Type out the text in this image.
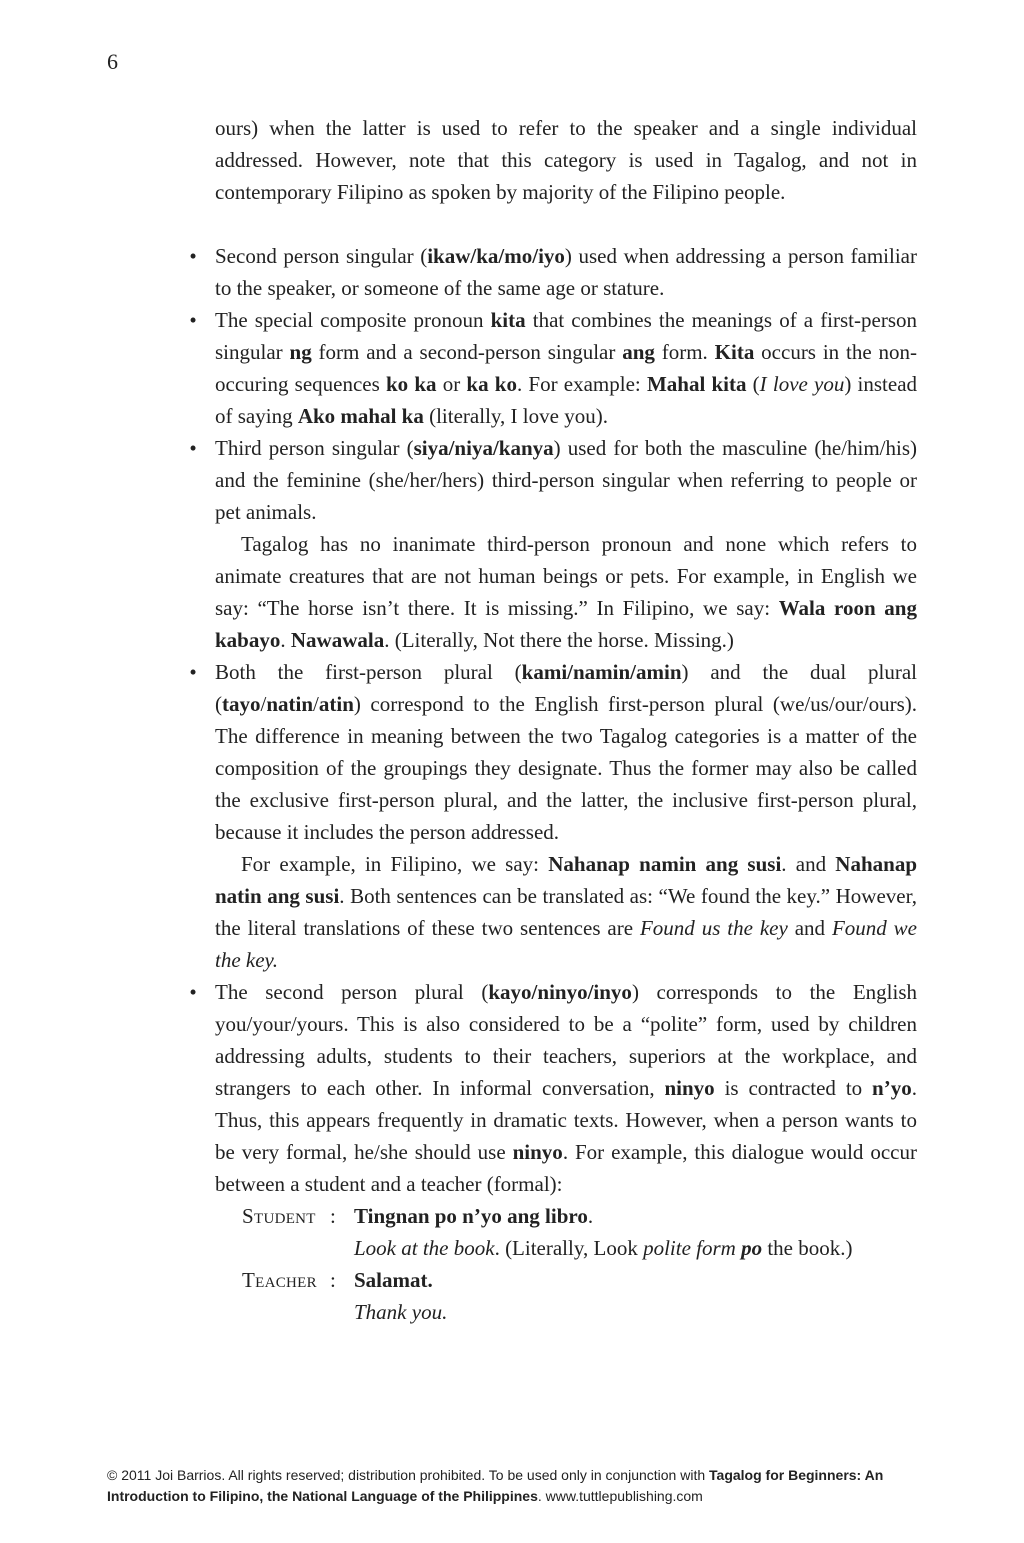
6

ours) when the latter is used to refer to the speaker and a single individual addressed. However, note that this category is used in Tagalog, and not in contemporary Filipino as spoken by majority of the Filipino people.

• Second person singular (ikaw/ka/mo/iyo) used when addressing a person familiar to the speaker, or someone of the same age or stature.

• The special composite pronoun kita that combines the meanings of a first-person singular ng form and a second-person singular ang form. Kita occurs in the non-occuring sequences ko ka or ka ko. For example: Mahal kita (I love you) instead of saying Ako mahal ka (literally, I love you).

• Third person singular (siya/niya/kanya) used for both the masculine (he/him/his) and the feminine (she/her/hers) third-person singular when referring to people or pet animals.

Tagalog has no inanimate third-person pronoun and none which refers to animate creatures that are not human beings or pets. For example, in English we say: “The horse isn’t there. It is missing.” In Filipino, we say: Wala roon ang kabayo. Nawawala. (Literally, Not there the horse. Missing.)

• Both the first-person plural (kami/namin/amin) and the dual plural (tayo/natin/atin) correspond to the English first-person plural (we/us/our/ours). The difference in meaning between the two Tagalog categories is a matter of the composition of the groupings they designate. Thus the former may also be called the exclusive first-person plural, and the latter, the inclusive first-person plural, because it includes the person addressed.

For example, in Filipino, we say: Nahanap namin ang susi. and Nahanap natin ang susi. Both sentences can be translated as: “We found the key.” However, the literal translations of these two sentences are Found us the key and Found we the key.

• The second person plural (kayo/ninyo/inyo) corresponds to the English you/your/yours. This is also considered to be a “polite” form, used by children addressing adults, students to their teachers, superiors at the workplace, and strangers to each other. In informal conversation, ninyo is contracted to n’yo. Thus, this appears frequently in dramatic texts. However, when a person wants to be very formal, he/she should use ninyo. For example, this dialogue would occur between a student and a teacher (formal):

Student : Tingnan po n’yo ang libro.
Look at the book. (Literally, Look polite form po the book.)
Teacher : Salamat.
Thank you.
© 2011 Joi Barrios. All rights reserved; distribution prohibited. To be used only in conjunction with Tagalog for Beginners: An Introduction to Filipino, the National Language of the Philippines. www.tuttlepublishing.com
